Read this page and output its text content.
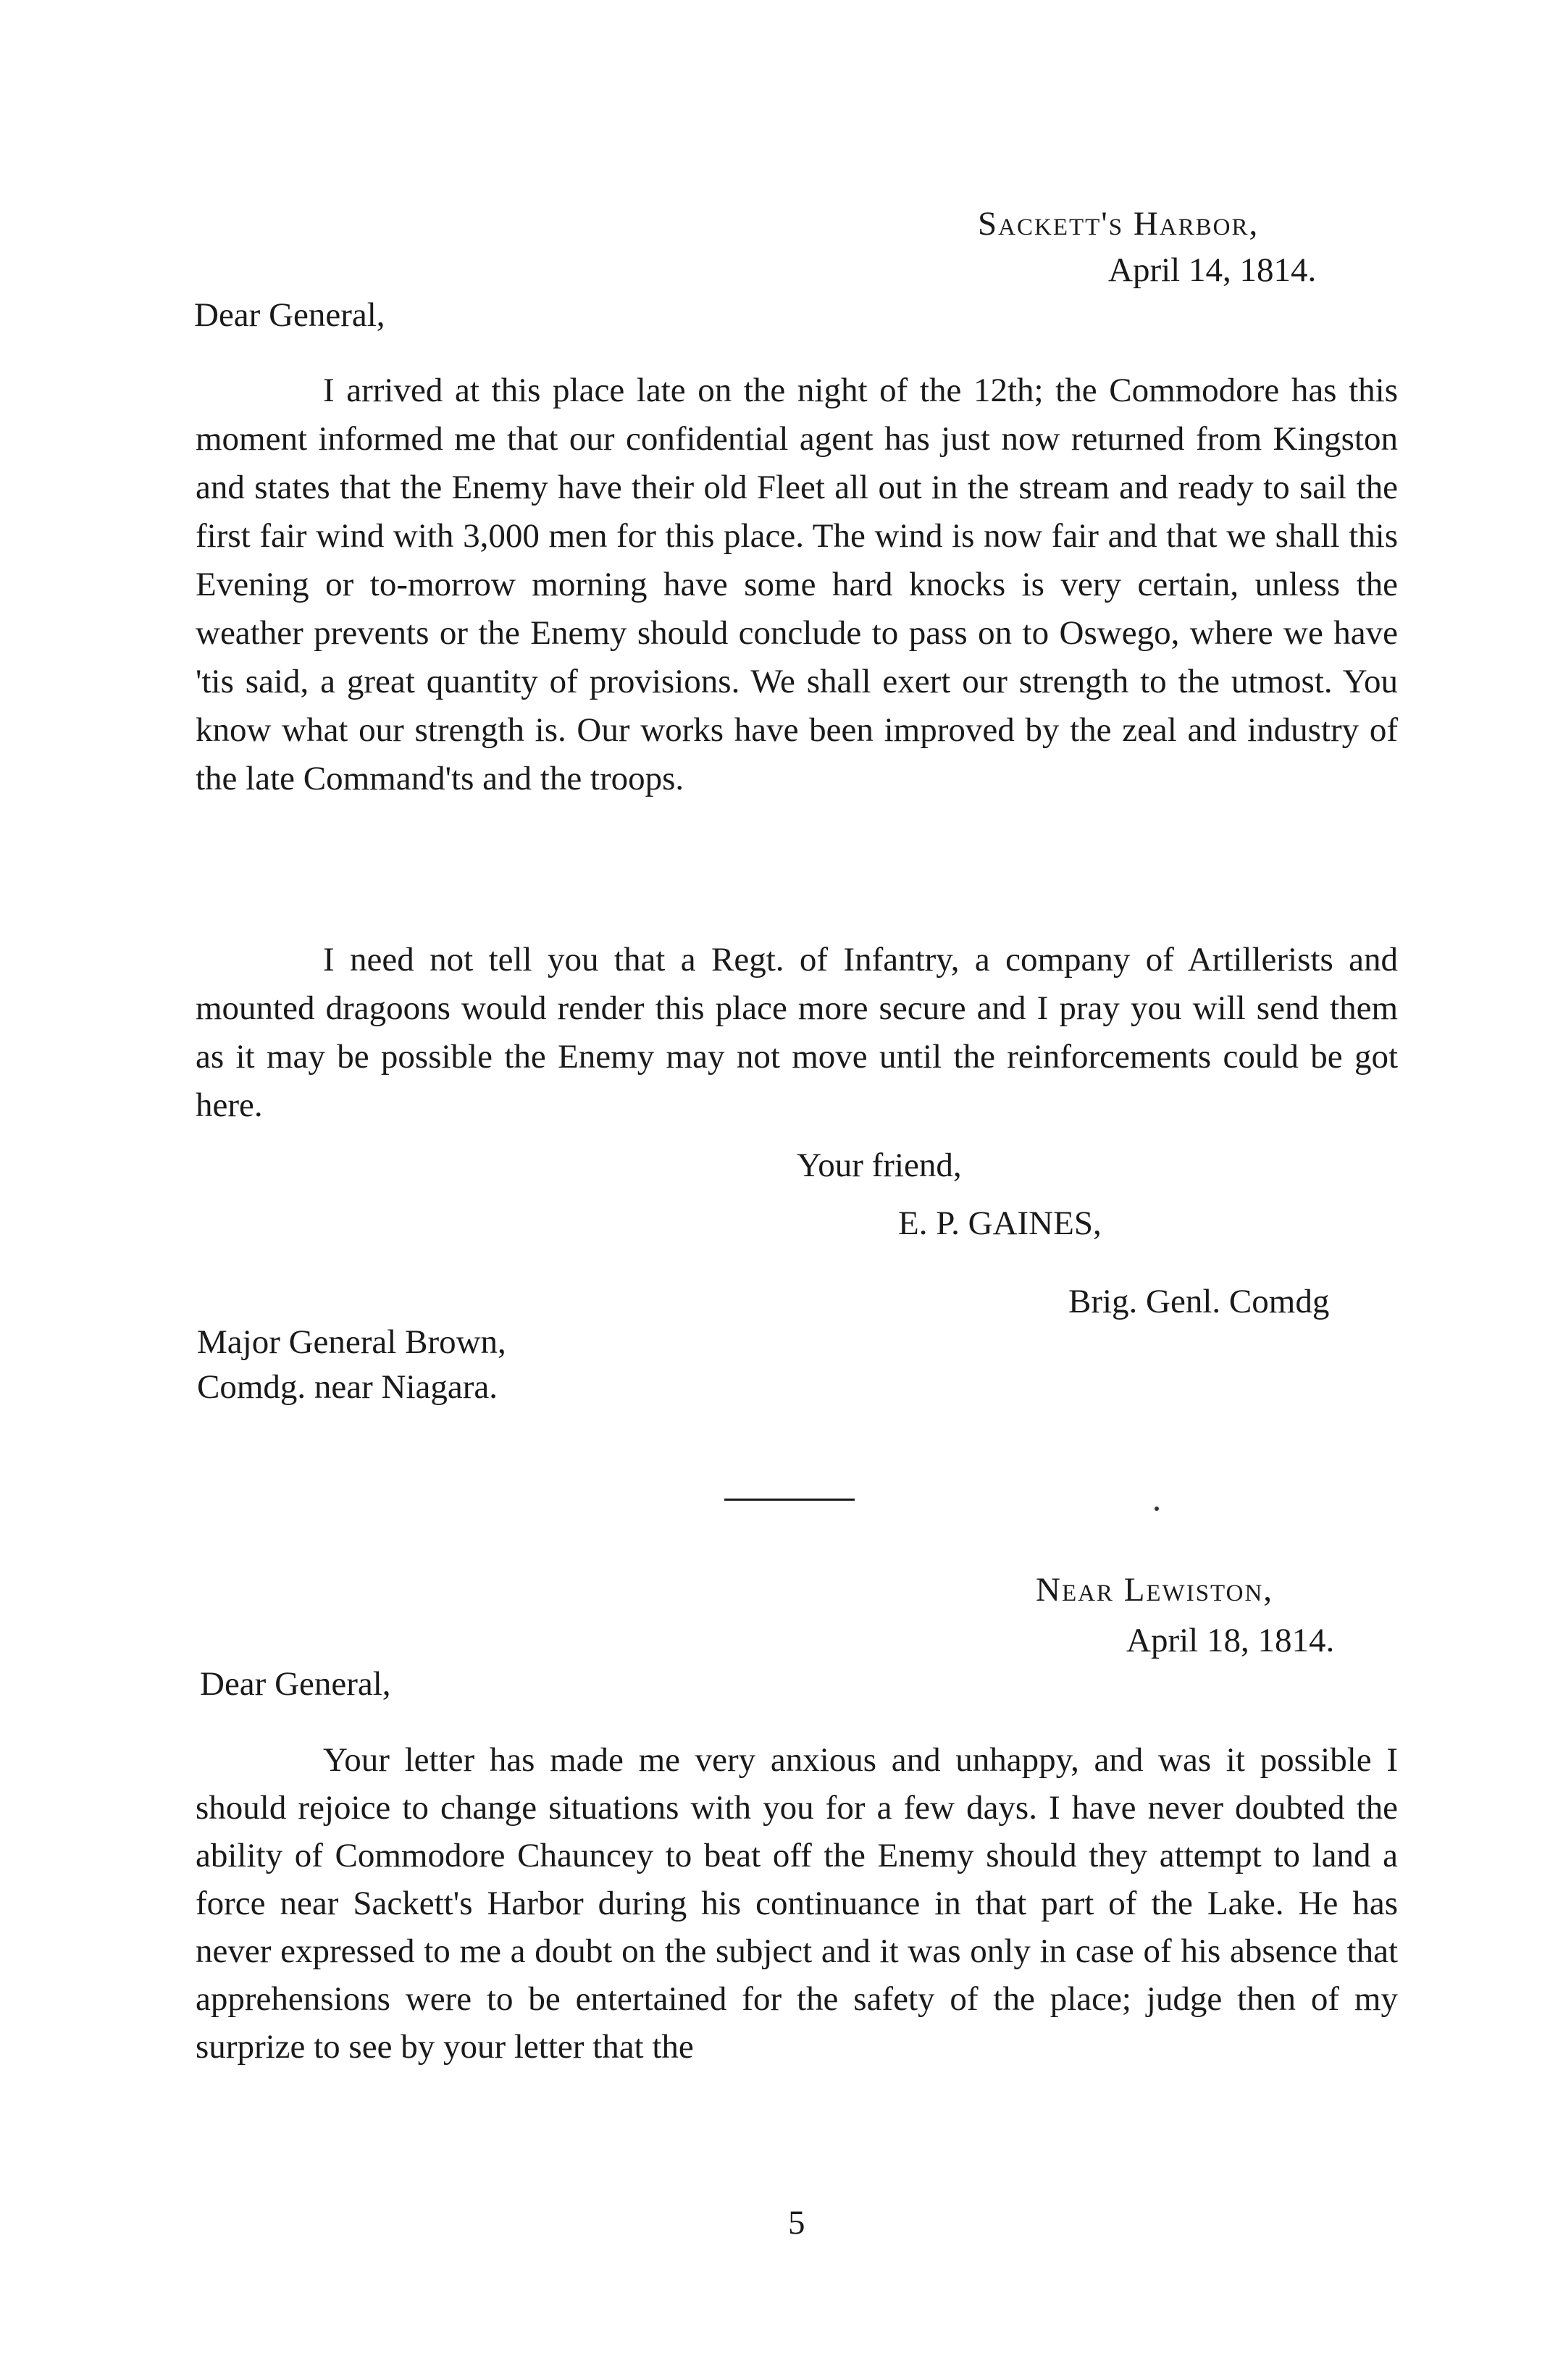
Sackett's Harbor,
April 14, 1814.
Dear General,
I arrived at this place late on the night of the 12th; the Commodore has this moment informed me that our confidential agent has just now returned from Kingston and states that the Enemy have their old Fleet all out in the stream and ready to sail the first fair wind with 3,000 men for this place. The wind is now fair and that we shall this Evening or to-morrow morning have some hard knocks is very certain, unless the weather prevents or the Enemy should conclude to pass on to Oswego, where we have 'tis said, a great quantity of provisions. We shall exert our strength to the utmost. You know what our strength is. Our works have been improved by the zeal and industry of the late Command'ts and the troops.
I need not tell you that a Regt. of Infantry, a company of Artillerists and mounted dragoons would render this place more secure and I pray you will send them as it may be possible the Enemy may not move until the reinforcements could be got here.
Your friend,
E. P. GAINES,
Brig. Genl. Comdg
Major General Brown,
Comdg. near Niagara.
Near Lewiston,
April 18, 1814.
Dear General,
Your letter has made me very anxious and unhappy, and was it possible I should rejoice to change situations with you for a few days. I have never doubted the ability of Commodore Chauncey to beat off the Enemy should they attempt to land a force near Sackett's Harbor during his continuance in that part of the Lake. He has never expressed to me a doubt on the subject and it was only in case of his absence that apprehensions were to be entertained for the safety of the place; judge then of my surprize to see by your letter that the
5
